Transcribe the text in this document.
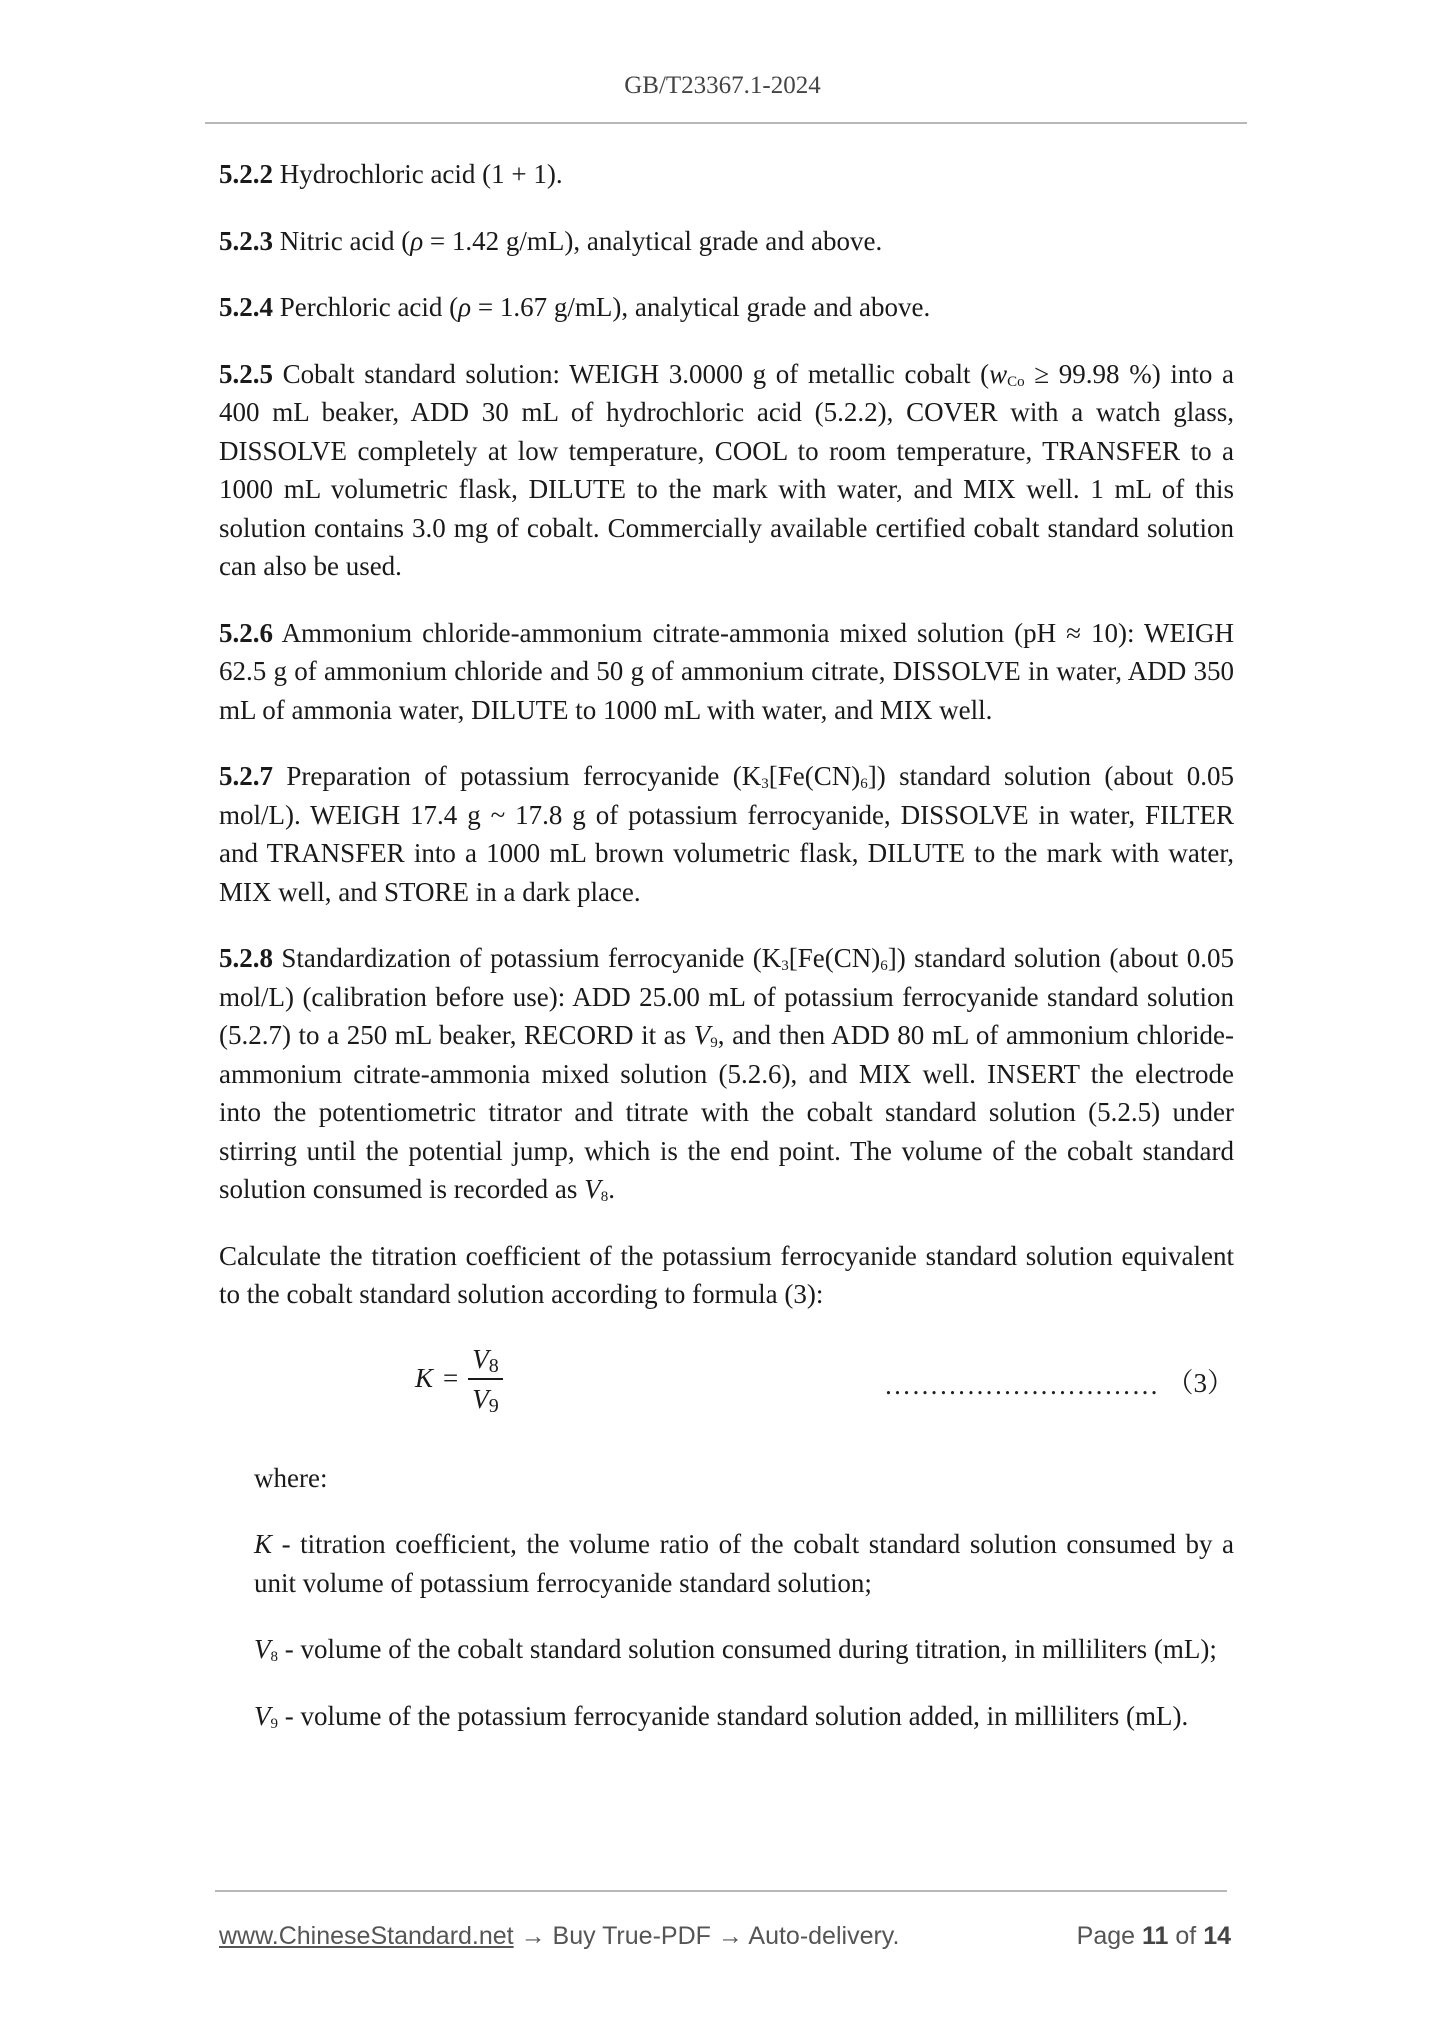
GB/T23367.1-2024

5.2.2 Hydrochloric acid (1 + 1).

5.2.3 Nitric acid (ρ = 1.42 g/mL), analytical grade and above.

5.2.4 Perchloric acid (ρ = 1.67 g/mL), analytical grade and above.

5.2.5 Cobalt standard solution: WEIGH 3.0000 g of metallic cobalt ($w_{Co} \ge 99.98$ %) into a 400 mL beaker, ADD 30 mL of hydrochloric acid (5.2.2), COVER with a watch glass, DISSOLVE completely at low temperature, COOL to room temperature, TRANSFER to a 1000 mL volumetric flask, DILUTE to the mark with water, and MIX well. 1 mL of this solution contains 3.0 mg of cobalt. Commercially available certified cobalt standard solution can also be used.

5.2.6 Ammonium chloride-ammonium citrate-ammonia mixed solution (pH ≈ 10): WEIGH 62.5 g of ammonium chloride and 50 g of ammonium citrate, DISSOLVE in water, ADD 350 mL of ammonia water, DILUTE to 1000 mL with water, and MIX well.

5.2.7 Preparation of potassium ferrocyanide $(K_3[Fe(CN)_6])$ standard solution (about 0.05 mol/L). WEIGH 17.4 g ~ 17.8 g of potassium ferrocyanide, DISSOLVE in water, FILTER and TRANSFER into a 1000 mL brown volumetric flask, DILUTE to the mark with water, MIX well, and STORE in a dark place.

5.2.8 Standardization of potassium ferrocyanide $(K_3[Fe(CN)_6])$ standard solution (about 0.05 mol/L) (calibration before use): ADD 25.00 mL of potassium ferrocyanide standard solution (5.2.7) to a 250 mL beaker, RECORD it as $V_9$, and then ADD 80 mL of ammonium chloride-ammonium citrate-ammonia mixed solution (5.2.6), and MIX well. INSERT the electrode into the potentiometric titrator and titrate with the cobalt standard solution (5.2.5) under stirring until the potential jump, which is the end point. The volume of the cobalt standard solution consumed is recorded as $V_8$.

Calculate the titration coefficient of the potassium ferrocyanide standard solution equivalent to the cobalt standard solution according to formula (3):

$K = \frac{V_8}{V_9}$	………………………… （3）

where:

K - titration coefficient, the volume ratio of the cobalt standard solution consumed by a unit volume of potassium ferrocyanide standard solution;

$V_8$ - volume of the cobalt standard solution consumed during titration, in milliliters (mL);

$V_9$ - volume of the potassium ferrocyanide standard solution added, in milliliters (mL).

www.ChineseStandard.net → Buy True-PDF → Auto-delivery.	Page 11 of 14
